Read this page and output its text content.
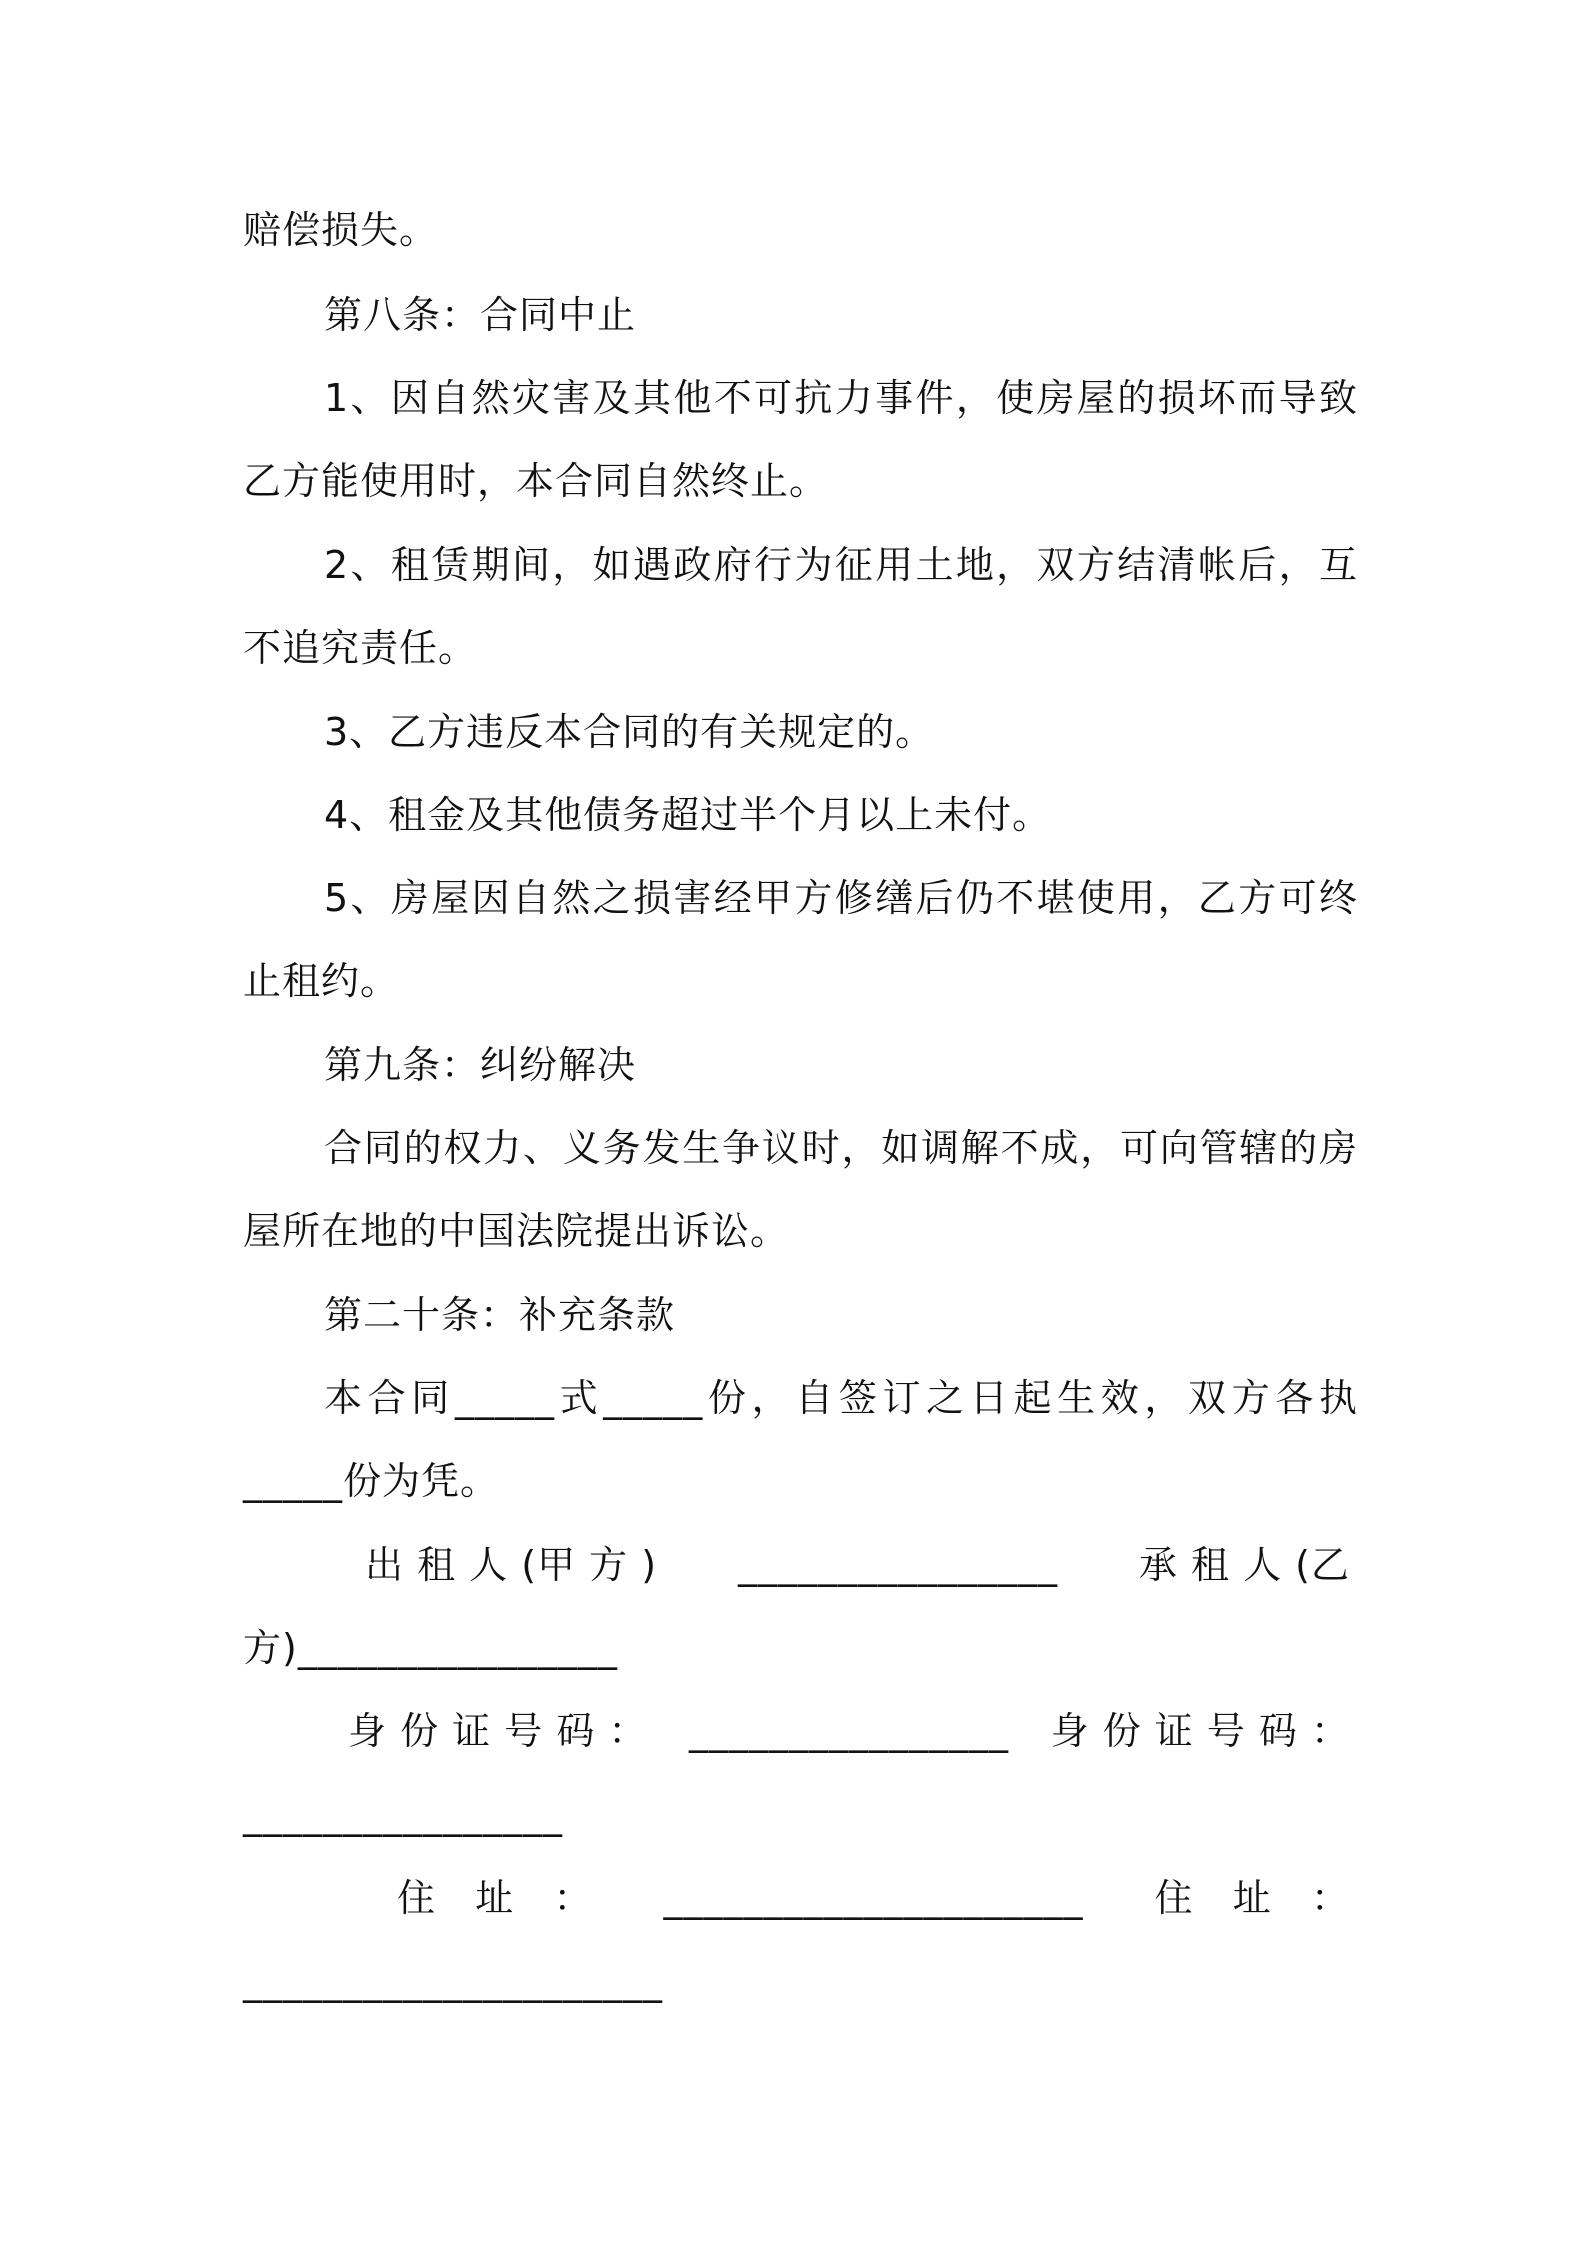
赔偿损失。
第八条：合同中止
1、因自然灾害及其他不可抗力事件，使房屋的损坏而导致
乙方能使用时，本合同自然终止。
2、租赁期间，如遇政府行为征用土地，双方结清帐后，互
不追究责任。
3、乙方违反本合同的有关规定的。
4、租金及其他债务超过半个月以上未付。
5、房屋因自然之损害经甲方修缮后仍不堪使用，乙方可终
止租约。
第九条：纠纷解决
合同的权力、义务发生争议时，如调解不成，可向管辖的房
屋所在地的中国法院提出诉讼。
第二十条：补充条款
本合同_____式_____份，自签订之日起生效，双方各执
_____份为凭。
出 租 人 (甲 方 ) ________________ 承 租 人 (乙
方)________________
身 份 证 号 码 ： ________________ 身 份 证 号 码 ：
________________
住   址   ： _____________________ 住   址   ：
_____________________
